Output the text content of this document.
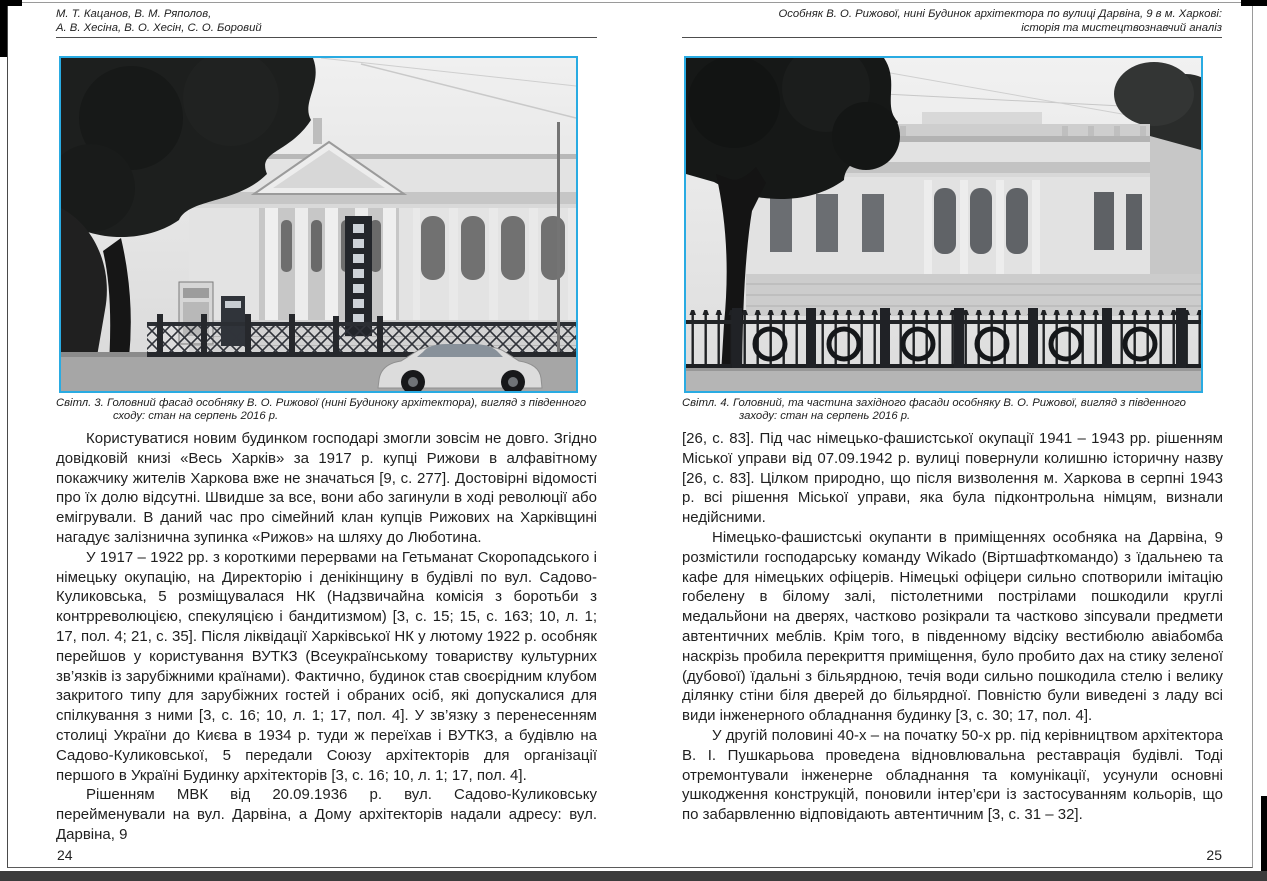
М. Т. Кацанов, В. М. Ряполов,
А. В. Хесіна, В. О. Хесін, С. О. Боровий

Світл. 3. Головний фасад особняку В. О. Рижової (нині Будиноку архітектора), вигляд з південного сходу: стан на серпень 2016 р.

Користуватися новим будинком господарі змогли зовсім не довго. Згідно довідковій книзі «Весь Харків» за 1917 р. купці Рижови в алфавітному покажчику жителів Харкова вже не значаться [9, с. 277]. Достовірні відомості про їх долю відсутні. Швидше за все, вони або загинули в ході революції або емігрували. В даний час про сімейний клан купців Рижових на Харківщині нагадує залізнична зупинка «Рижов» на шляху до Люботина.

У 1917 – 1922 рр. з короткими перервами на Гетьманат Скоропадського і німецьку окупацію, на Директорію і денікінщину в будівлі по вул. Садово-Куликовська, 5 розміщувалася НК (Надзвичайна комісія з боротьби з контрреволюцією, спекуляцією і бандитизмом) [3, с. 15; 15, с. 163; 10, л. 1; 17, пол. 4; 21, с. 35]. Після ліквідації Харківської НК у лютому 1922 р. особняк перейшов у користування ВУТКЗ (Всеукраїнському товариству культурних зв’язків із зарубіжними країнами). Фактично, будинок став своєрідним клубом закритого типу для зарубіжних гостей і обраних осіб, які допускалися для спілкування з ними [3, с. 16; 10, л. 1; 17, пол. 4]. У зв’язку з перенесенням столиці України до Києва в 1934 р. туди ж переїхав і ВУТКЗ, а будівлю на Садово-Куликовської, 5 передали Союзу архітекторів для організації першого в Україні Будинку архітекторів [3, с. 16; 10, л. 1; 17, пол. 4].

Рішенням МВК від 20.09.1936 р. вул. Садово-Куликовську перейменували на вул. Дарвіна, а Дому архітекторів надали адресу: вул. Дарвіна, 9

24
Особняк В. О. Рижової, нині Будинок архітектора по вулиці Дарвіна, 9 в м. Харкові:
історія та мистецтвознавчий аналіз

Світл. 4. Головний, та частина західного фасади особняку В. О. Рижової, вигляд з південного заходу: стан на серпень 2016 р.

[26, с. 83]. Під час німецько-фашистської окупації 1941 – 1943 рр. рішенням Міської управи від 07.09.1942 р. вулиці повернули колишню історичну назву [26, с. 83]. Цілком природно, що після визволення м. Харкова в серпні 1943 р. всі рішення Міської управи, яка була підконтрольна німцям, визнали недійсними.

Німецько-фашистські окупанти в приміщеннях особняка на Дарвіна, 9 розмістили господарську команду Wikado (Віртшафткомандо) з їдальнею та кафе для німецьких офіцерів. Німецькі офіцери сильно спотворили імітацію гобелену в білому залі, пістолетними пострілами пошкодили круглі медальйони на дверях, частково розікрали та частково зіпсували предмети автентичних меблів. Крім того, в південному відсіку вестибюлю авіабомба наскрізь пробила перекриття приміщення, було пробито дах на стику зеленої (дубової) їдальні з більярдною, течія води сильно пошкодила стелю і велику ділянку стіни біля дверей до більярдної. Повністю були виведені з ладу всі види інженерного обладнання будинку [3, с. 30; 17, пол. 4].

У другій половині 40-х – на початку 50-х рр. під керівництвом архітектора В. І. Пушкарьова проведена відновлювальна реставрація будівлі. Тоді отремонтували інженерне обладнання та комунікації, усунули основні ушкодження конструкцій, поновили інтер’єри із застосуванням кольорів, що по забарвленню відповідають автентичним [3, с. 31 – 32].

25
